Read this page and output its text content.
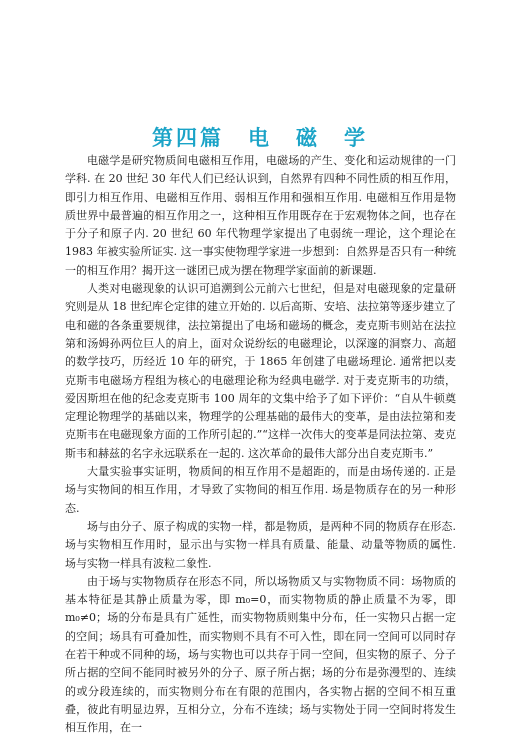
第四篇　电　磁　学

电磁学是研究物质间电磁相互作用，电磁场的产生、变化和运动规律的一门学科. 在 20 世纪 30 年代人们已经认识到，自然界有四种不同性质的相互作用，即引力相互作用、电磁相互作用、弱相互作用和强相互作用. 电磁相互作用是物质世界中最普遍的相互作用之一，这种相互作用既存在于宏观物体之间，也存在于分子和原子内. 20 世纪 60 年代物理学家提出了电弱统一理论，这个理论在 1983 年被实验所证实. 这一事实使物理学家进一步想到：自然界是否只有一种统一的相互作用？揭开这一谜团已成为摆在物理学家面前的新课题.

人类对电磁现象的认识可追溯到公元前六七世纪，但是对电磁现象的定量研究则是从 18 世纪库仑定律的建立开始的. 以后高斯、安培、法拉第等逐步建立了电和磁的各条重要规律，法拉第提出了电场和磁场的概念，麦克斯韦则站在法拉第和汤姆孙两位巨人的肩上，面对众说纷纭的电磁理论，以深邃的洞察力、高超的数学技巧，历经近 10 年的研究，于 1865 年创建了电磁场理论. 通常把以麦克斯韦电磁场方程组为核心的电磁理论称为经典电磁学. 对于麦克斯韦的功绩，爱因斯坦在他的纪念麦克斯韦 100 周年的文集中给予了如下评价：“自从牛顿奠定理论物理学的基础以来，物理学的公理基础的最伟大的变革，是由法拉第和麦克斯韦在电磁现象方面的工作所引起的.”“这样一次伟大的变革是同法拉第、麦克斯韦和赫兹的名字永远联系在一起的. 这次革命的最伟大部分出自麦克斯韦.”

大量实验事实证明，物质间的相互作用不是超距的，而是由场传递的. 正是场与实物间的相互作用，才导致了实物间的相互作用. 场是物质存在的另一种形态.

场与由分子、原子构成的实物一样，都是物质，是两种不同的物质存在形态. 场与实物相互作用时，显示出与实物一样具有质量、能量、动量等物质的属性. 场与实物一样具有波粒二象性.

由于场与实物物质存在形态不同，所以场物质又与实物物质不同：场物质的基本特征是其静止质量为零，即 m₀=0，而实物物质的静止质量不为零，即 m₀≠0；场的分布是具有广延性，而实物物质则集中分布，任一实物只占据一定的空间；场具有可叠加性，而实物则不具有不可入性，即在同一空间可以同时存在若干种或不同种的场，场与实物也可以共存于同一空间，但实物的原子、分子所占据的空间不能同时被另外的分子、原子所占据；场的分布是弥漫型的、连续的或分段连续的，而实物则分布在有限的范围内，各实物占据的空间不相互重叠，彼此有明显边界，互相分立，分布不连续；场与实物处于同一空间时将发生相互作用，在一
